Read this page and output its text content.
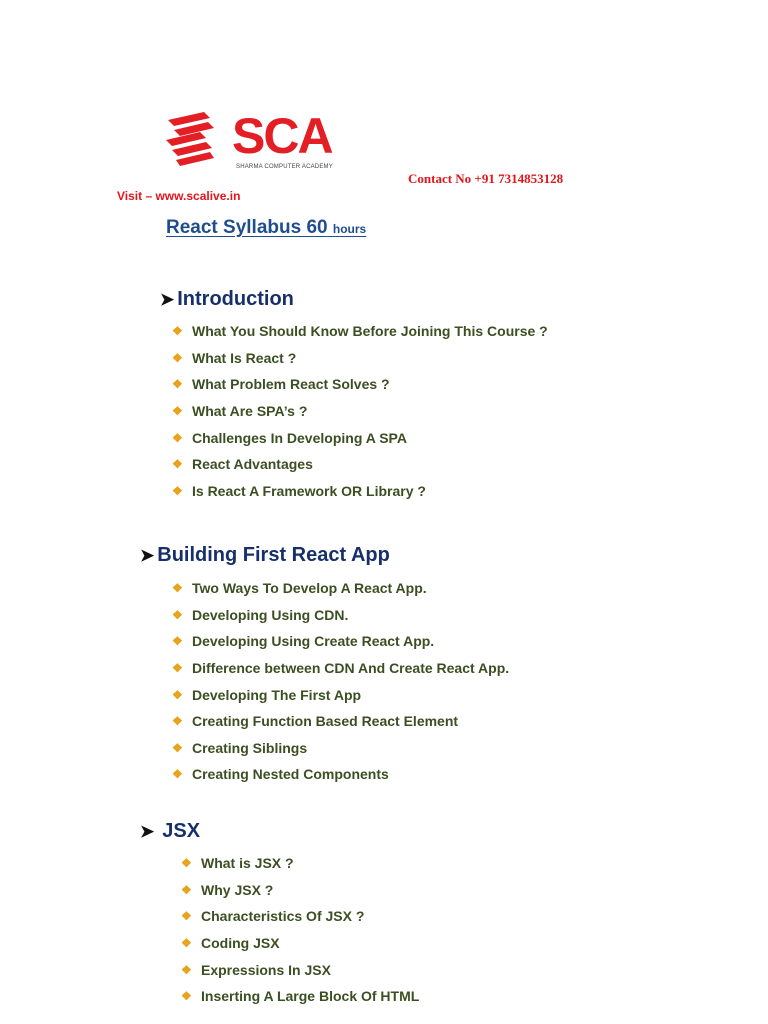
SCA
SHARMA COMPUTER ACADEMY
Contact No +91 7314853128
Visit – www.scalive.in
React Syllabus 60 hours
➤ Introduction
❖ What You Should Know Before Joining This Course ?
❖ What Is React ?
❖ What Problem React Solves ?
❖ What Are SPA’s ?
❖ Challenges In Developing A SPA
❖ React Advantages
❖ Is React A Framework OR Library ?
➤ Building First React App
❖ Two Ways To Develop A React App.
❖ Developing Using CDN.
❖ Developing Using Create React App.
❖ Difference between CDN And Create React App.
❖ Developing The First App
❖ Creating Function Based React Element
❖ Creating Siblings
❖ Creating Nested Components
➤ JSX
❖ What is JSX ?
❖ Why JSX ?
❖ Characteristics Of JSX ?
❖ Coding JSX
❖ Expressions In JSX
❖ Inserting A Large Block Of HTML
